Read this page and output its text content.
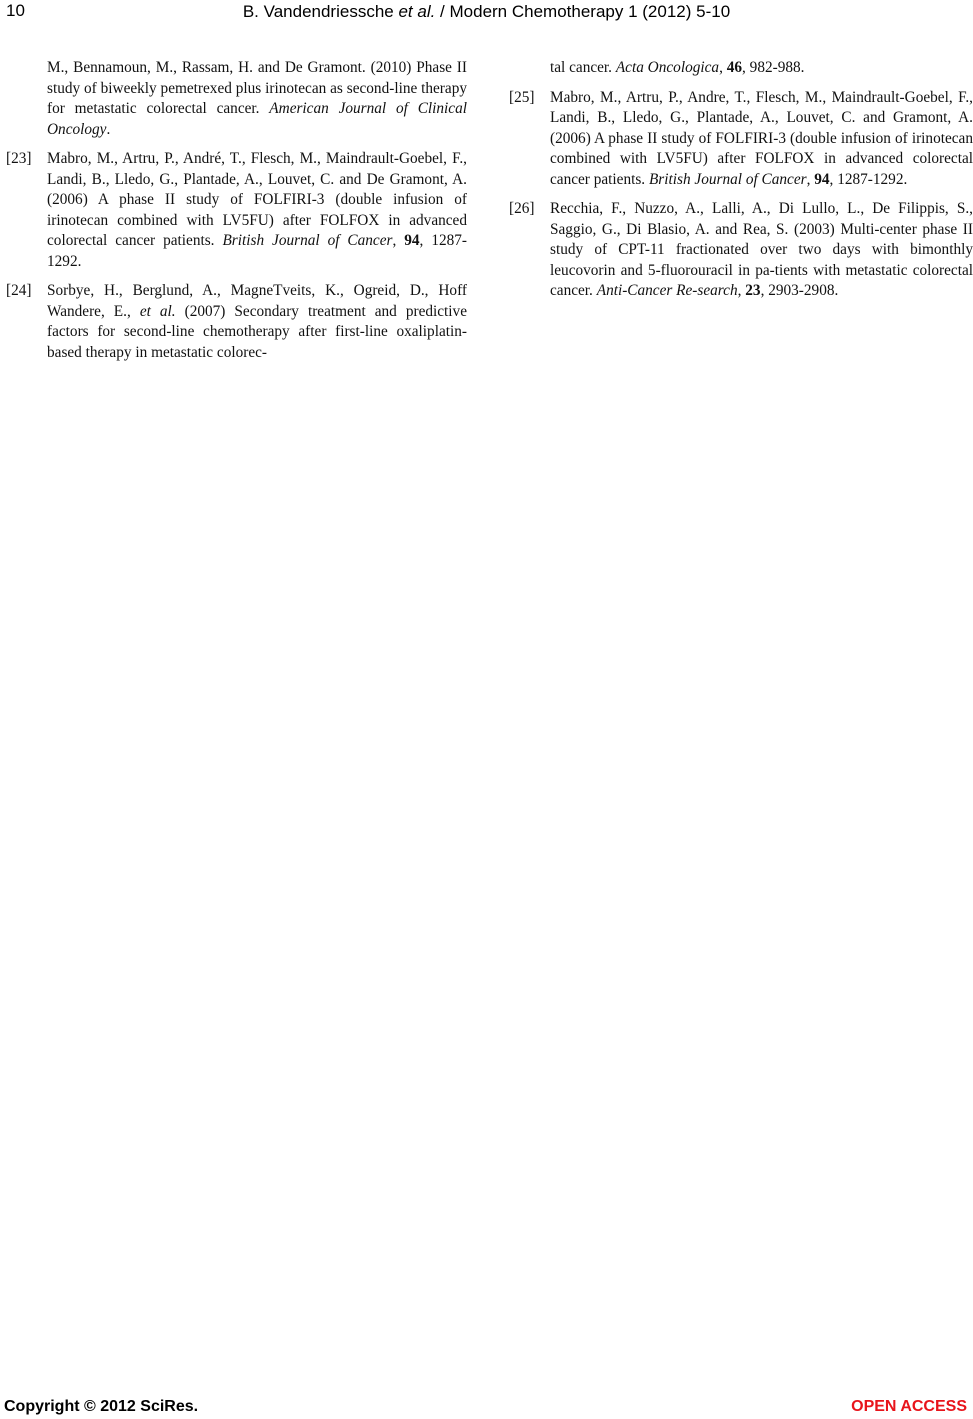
10	B. Vandendriessche et al. / Modern Chemotherapy 1 (2012) 5-10

M., Bennamoun, M., Rassam, H. and De Gramont. (2010) Phase II study of biweekly pemetrexed plus irinotecan as second-line therapy for metastatic colorectal cancer. American Journal of Clinical Oncology.

[23] Mabro, M., Artru, P., André, T., Flesch, M., Maindrault-Goebel, F., Landi, B., Lledo, G., Plantade, A., Louvet, C. and De Gramont, A. (2006) A phase II study of FOLFIRI-3 (double infusion of irinotecan combined with LV5FU) after FOLFOX in advanced colorectal cancer patients. British Journal of Cancer, 94, 1287-1292.

[24] Sorbye, H., Berglund, A., MagneTveits, K., Ogreid, D., Hoff Wandere, E., et al. (2007) Secondary treatment and predictive factors for second-line chemotherapy after first-line oxaliplatin-based therapy in metastatic colorec-

tal cancer. Acta Oncologica, 46, 982-988.

[25] Mabro, M., Artru, P., Andre, T., Flesch, M., Maindrault-Goebel, F., Landi, B., Lledo, G., Plantade, A., Louvet, C. and Gramont, A. (2006) A phase II study of FOLFIRI-3 (double infusion of irinotecan combined with LV5FU) after FOLFOX in advanced colorectal cancer patients. British Journal of Cancer, 94, 1287-1292.

[26] Recchia, F., Nuzzo, A., Lalli, A., Di Lullo, L., De Filippis, S., Saggio, G., Di Blasio, A. and Rea, S. (2003) Multi-center phase II study of CPT-11 fractionated over two days with bimonthly leucovorin and 5-fluorouracil in pa-tients with metastatic colorectal cancer. Anti-Cancer Re-search, 23, 2903-2908.

Copyright © 2012 SciRes.	OPEN ACCESS
